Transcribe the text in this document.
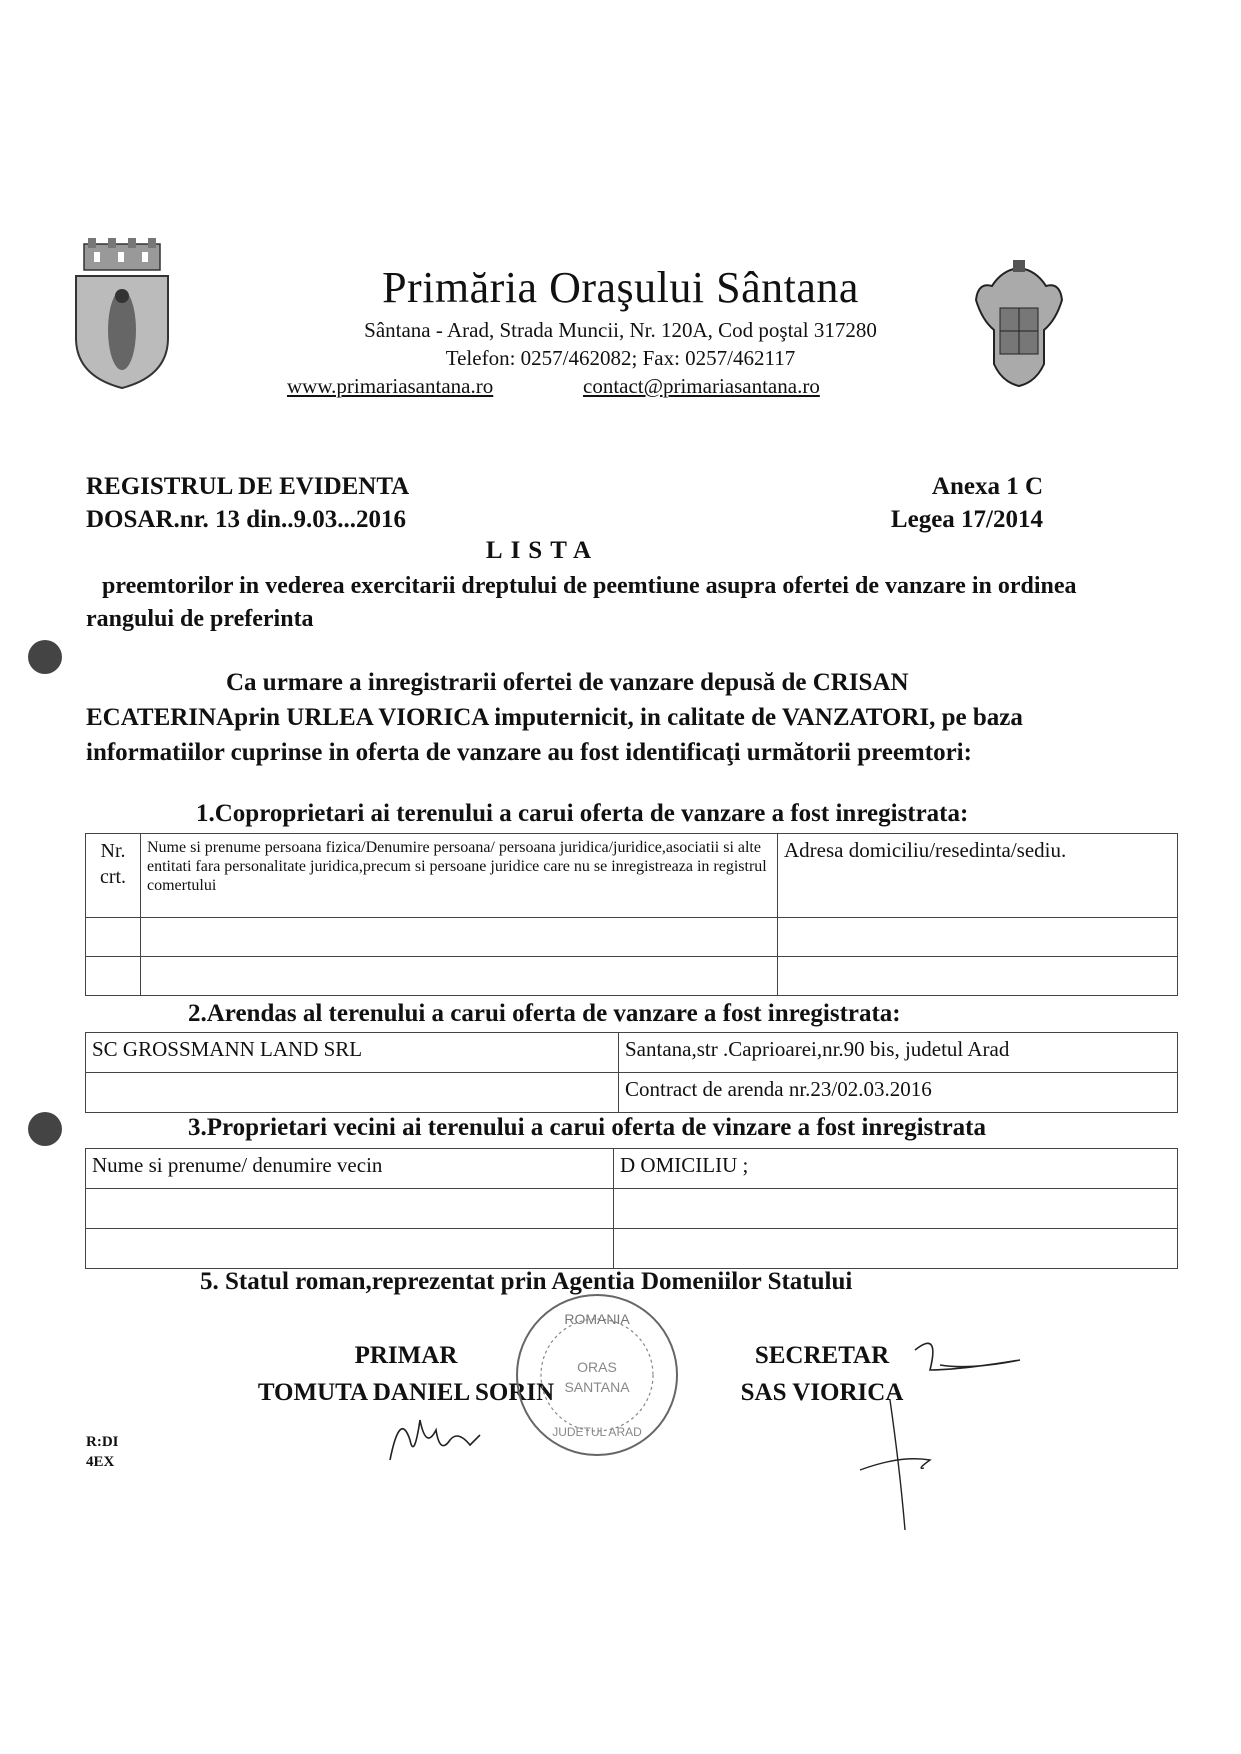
Primăria Oraşului Sântana
Sântana - Arad, Strada Muncii, Nr. 120A, Cod poştal 317280
Telefon: 0257/462082; Fax: 0257/462117
www.primariasantana.ro	contact@primariasantana.ro
REGISTRUL DE EVIDENTA
DOSAR.nr. 13 din..9.03...2016
Anexa 1 C
Legea 17/2014
LISTA
preemtorilor in vederea exercitarii dreptului de peemtiune asupra ofertei de vanzare in ordinea rangului de preferinta
Ca urmare a inregistrarii ofertei de vanzare depusă de CRISAN ECATERINAprin URLEA VIORICA imputernicit, in calitate de VANZATORI, pe baza informatiilor cuprinse in oferta de vanzare au fost identificaţi următorii preemtori:
1.Coproprietari ai terenului a carui oferta de vanzare a fost inregistrata:
Nr. crt.	Nume si prenume persoana fizica/Denumire persoana/ persoana juridica/juridice,asociatii si alte entitati fara personalitate juridica,precum si persoane juridice care nu se inregistreaza in registrul comertului	Adresa domiciliu/resedinta/sediu.

2.Arendas al terenului a carui oferta de vanzare a fost inregistrata:
SC GROSSMANN LAND SRL	Santana,str .Caprioarei,nr.90 bis, judetul Arad
	Contract de arenda nr.23/02.03.2016
3.Proprietari vecini ai terenului a carui oferta de vinzare a fost inregistrata
Nume si prenume/ denumire vecin	D OMICILIU ;

5. Statul roman,reprezentat prin Agentia Domeniilor Statului
PRIMAR
TOMUTA DANIEL SORIN
SECRETAR
SAS VIORICA
ROMANIA
ORAS
SANTANA
JUDETUL ARAD
R:DI
4EX
